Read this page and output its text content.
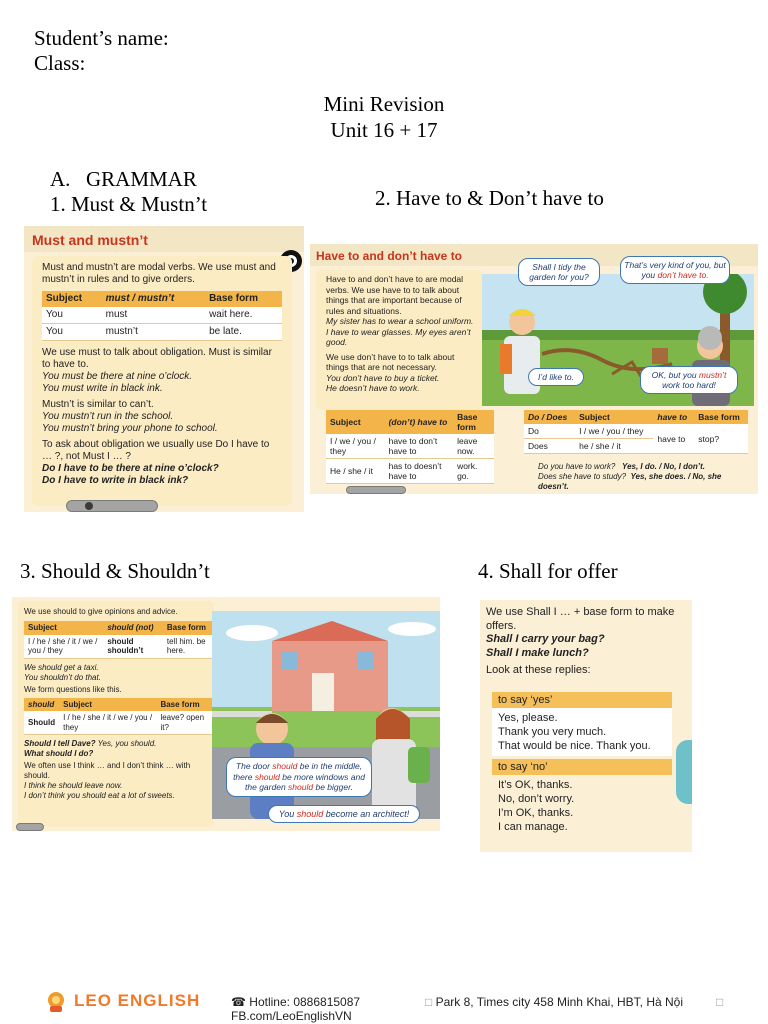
Student’s name:
Class:
Mini Revision
Unit 16 + 17
A. GRAMMAR
1. Must & Mustn’t	2. Have to & Don’t have to
3. Should & Shouldn’t	4. Shall for offer
Must and mustn’t

Must and mustn’t are modal verbs. We use must and mustn’t in rules and to give orders.

Subject	must / mustn’t	Base form
You	must	wait here.
You	mustn’t	be late.

We use must to talk about obligation. Must is similar to have to.

You must be there at nine o’clock.

You must write in black ink.

Mustn’t is similar to can’t.

You mustn’t run in the school.

You mustn’t bring your phone to school.

To ask about obligation we usually use Do I have to … ?, not Must I … ?

Do I have to be there at nine o’clock?

Do I have to write in black ink?

Have to and don’t have to

Have to and don’t have to are modal verbs. We use have to to talk about things that are important because of rules and situations.

My sister has to wear a school uniform.

I have to wear glasses. My eyes aren’t good.

We use don’t have to to talk about things that are not necessary.

You don’t have to buy a ticket.

He doesn’t have to work.

Shall I tidy the garden for you?
That’s very kind of you, but you don’t have to.
I’d like to.	OK, but you mustn’t work too hard!
Subject	(don’t) have to	Base form
I / we / you / they	have to don’t have to	leave now.
He / she / it	has to doesn’t have to	work. go.
Do / Does	Subject	have to	Base form
Do	I / we / you / they	have to	stop?
Does	he / she / it		

Do you have to work? Yes, I do. / No, I don’t.

Does she have to study? Yes, she does. / No, she doesn’t.

We use should to give opinions and advice.

Subject	should (not)	Base form
I / he / she / it / we / you / they	should shouldn’t	tell him. be here.

We should get a taxi.

You shouldn’t do that.

We form questions like this.

should	Subject	Base form
Should	I / he / she / it / we / you / they	leave? open it?

Should I tell Dave? Yes, you should.

What should I do?

We often use I think … and I don’t think … with should.

I think he should leave now.

I don’t think you should eat a lot of sweets.

The door should be in the middle, there should be more windows and the garden should be bigger.
You should become an architect!

We use Shall I … + base form to make offers.

Shall I carry your bag?

Shall I make lunch?

Look at these replies:

to say ‘yes’

Yes, please.

Thank you very much.

That would be nice. Thank you.

to say ‘no’

It’s OK, thanks.

No, don’t worry.

I’m OK, thanks.

I can manage.

LEO ENGLISH	☎ Hotline: 0886815087
FB.com/LeoEnglishVN
□ Park 8, Times city 458 Minh Khai, HBT, Hà Nội	□
